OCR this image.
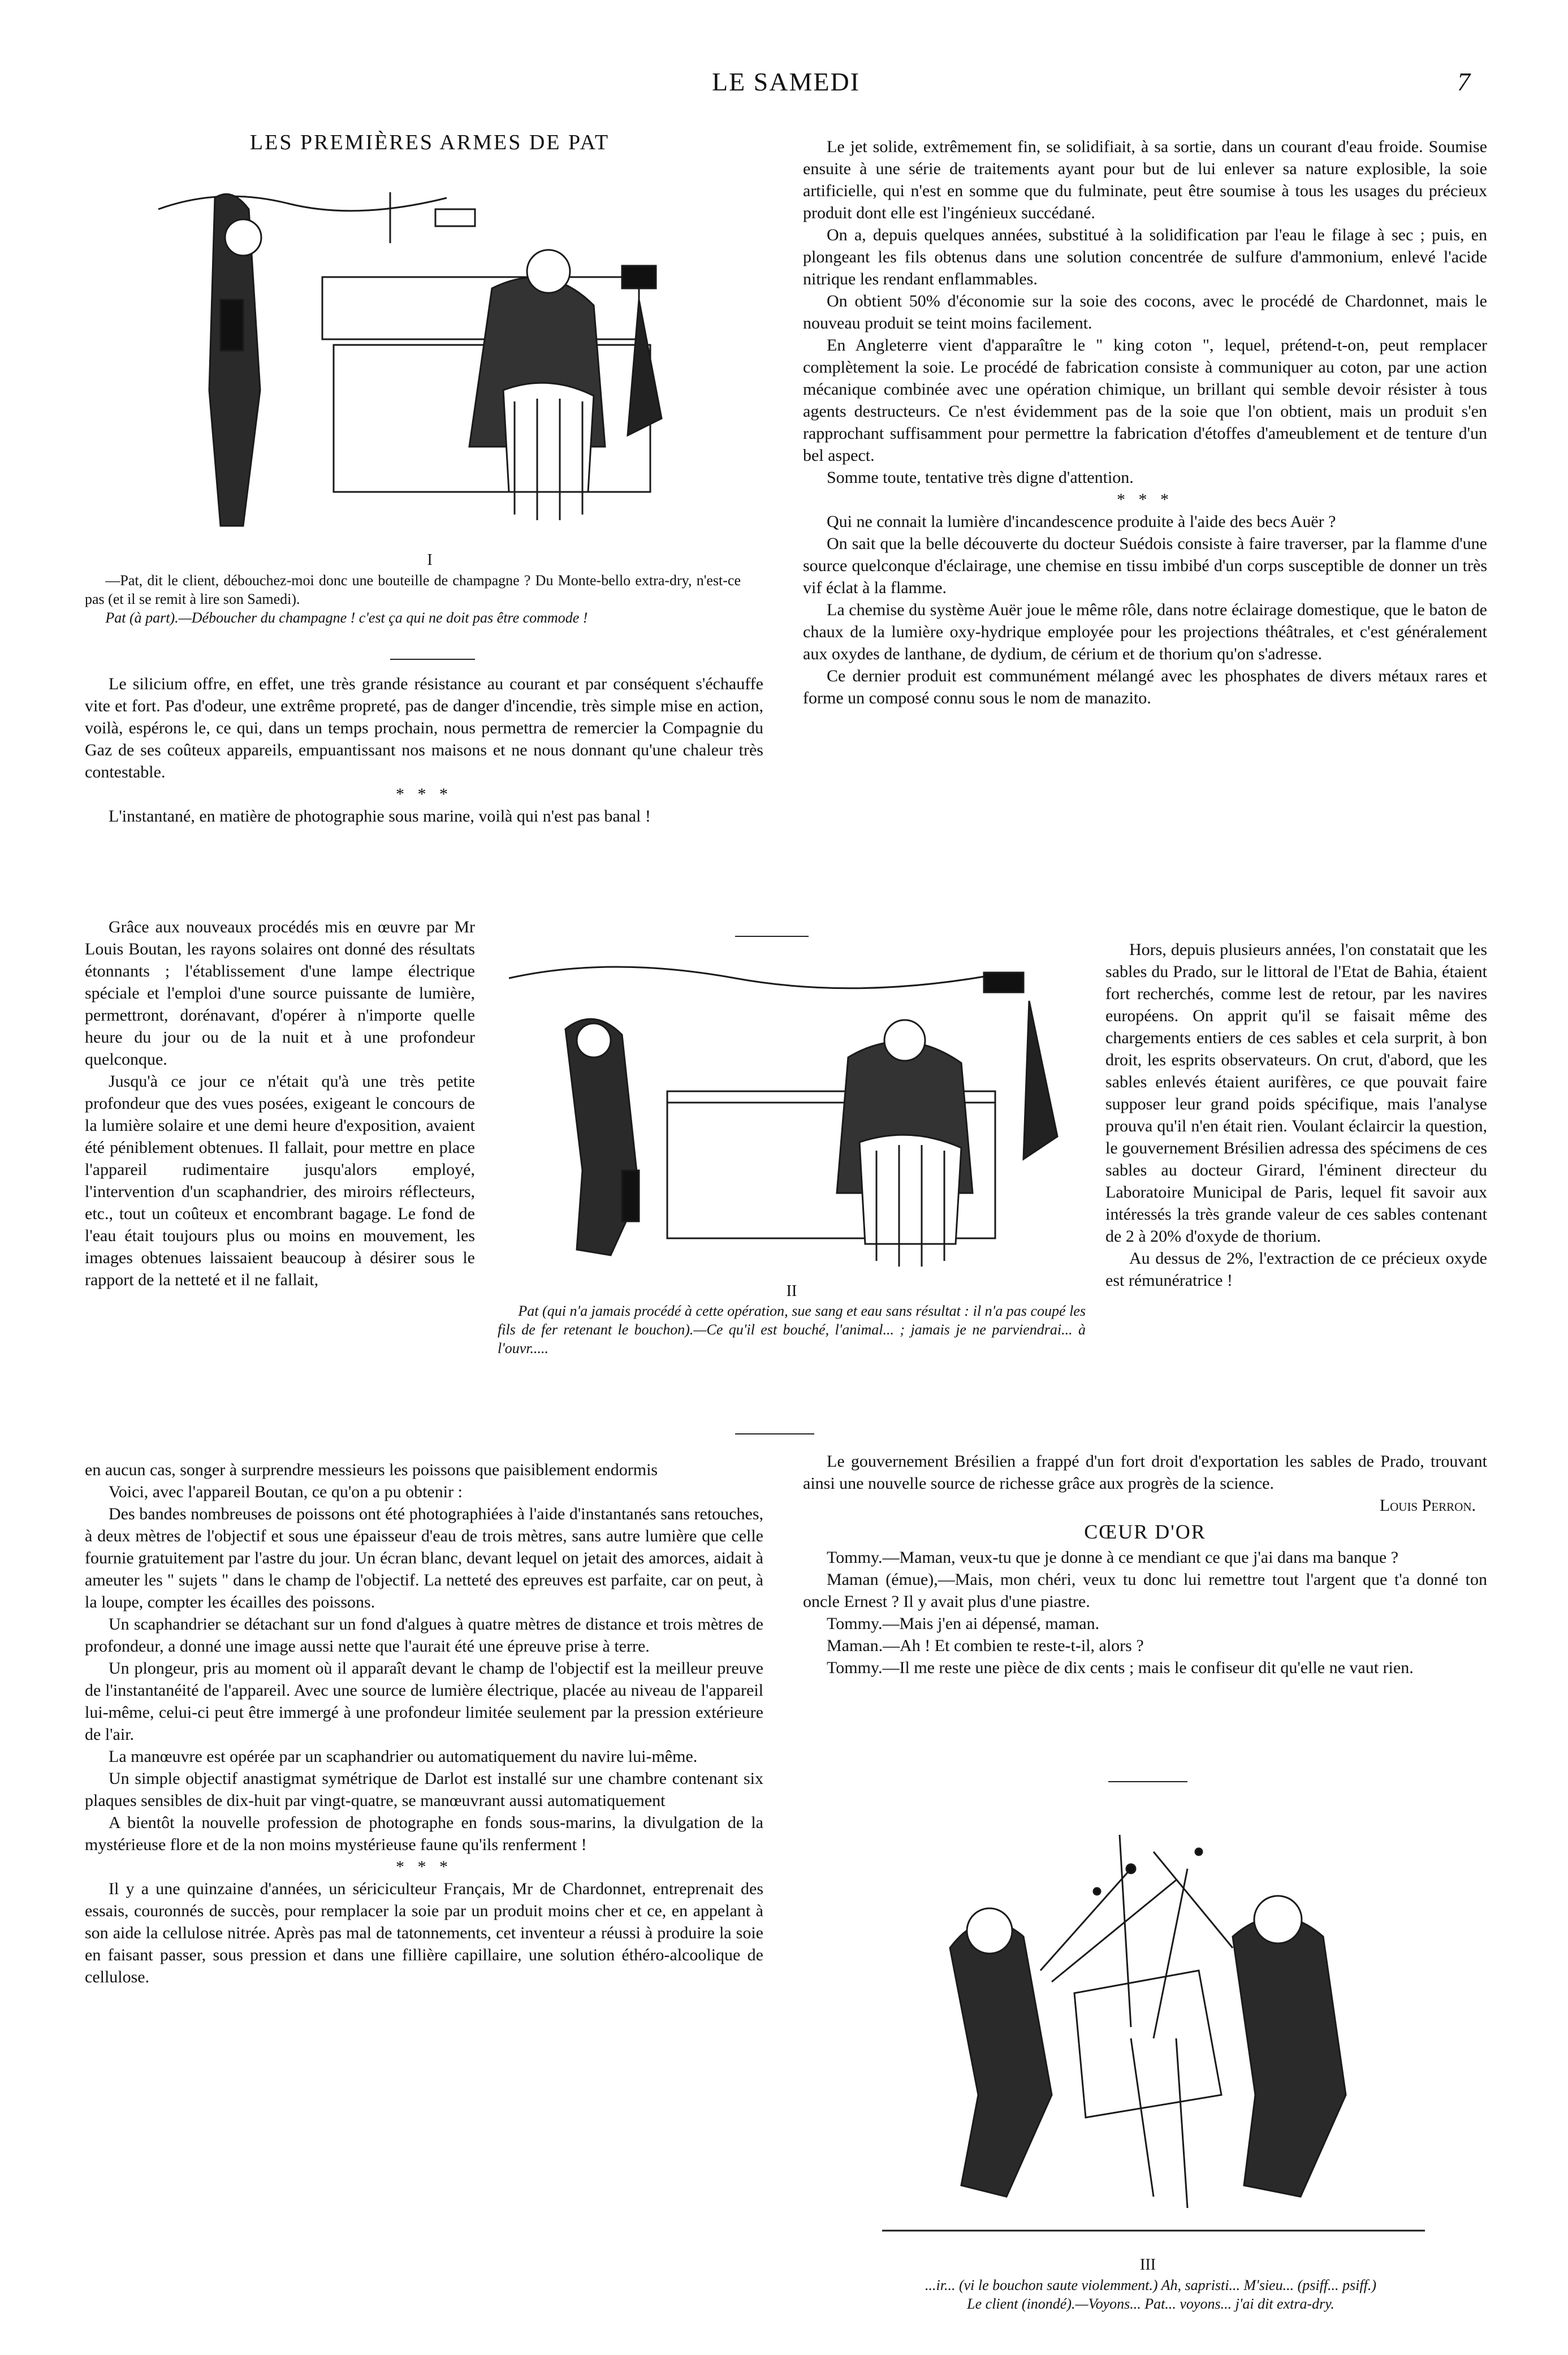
LE SAMEDI	7
LES PREMIÈRES ARMES DE PAT
I

—Pat, dit le client, débouchez-moi donc une bouteille de champagne ? Du Monte-bello extra-dry, n'est-ce pas (et il se remit à lire son Samedi).

Pat (à part).—Déboucher du champagne ! c'est ça qui ne doit pas être commode !

Le silicium offre, en effet, une très grande résistance au courant et par conséquent s'échauffe vite et fort. Pas d'odeur, une extrême propreté, pas de danger d'incendie, très simple mise en action, voilà, espérons le, ce qui, dans un temps prochain, nous permettra de remercier la Compagnie du Gaz de ses coûteux appareils, empuantissant nos maisons et ne nous donnant qu'une chaleur très contestable.

* * *

L'instantané, en matière de photographie sous marine, voilà qui n'est pas banal !

Grâce aux nouveaux procédés mis en œuvre par Mr Louis Boutan, les rayons solaires ont donné des résultats étonnants ; l'établissement d'une lampe électrique spéciale et l'emploi d'une source puissante de lumière, permettront, dorénavant, d'opérer à n'importe quelle heure du jour ou de la nuit et à une profondeur quelconque.

Jusqu'à ce jour ce n'était qu'à une très petite profondeur que des vues posées, exigeant le concours de la lumière solaire et une demi heure d'exposition, avaient été péniblement obtenues. Il fallait, pour mettre en place l'appareil rudimentaire jusqu'alors employé, l'intervention d'un scaphandrier, des miroirs réflecteurs, etc., tout un coûteux et encombrant bagage. Le fond de l'eau était toujours plus ou moins en mouvement, les images obtenues laissaient beaucoup à désirer sous le rapport de la netteté et il ne fallait,

en aucun cas, songer à surprendre messieurs les poissons que paisiblement endormis

Voici, avec l'appareil Boutan, ce qu'on a pu obtenir :

Des bandes nombreuses de poissons ont été photographiées à l'aide d'instantanés sans retouches, à deux mètres de l'objectif et sous une épaisseur d'eau de trois mètres, sans autre lumière que celle fournie gratuitement par l'astre du jour. Un écran blanc, devant lequel on jetait des amorces, aidait à ameuter les " sujets " dans le champ de l'objectif. La netteté des epreuves est parfaite, car on peut, à la loupe, compter les écailles des poissons.

Un scaphandrier se détachant sur un fond d'algues à quatre mètres de distance et trois mètres de profondeur, a donné une image aussi nette que l'aurait été une épreuve prise à terre.

Un plongeur, pris au moment où il apparaît devant le champ de l'objectif est la meilleur preuve de l'instantanéité de l'appareil. Avec une source de lumière électrique, placée au niveau de l'appareil lui-même, celui-ci peut être immergé à une profondeur limitée seulement par la pression extérieure de l'air.

La manœuvre est opérée par un scaphandrier ou automatiquement du navire lui-même.

Un simple objectif anastigmat symétrique de Darlot est installé sur une chambre contenant six plaques sensibles de dix-huit par vingt-quatre, se manœuvrant aussi automatiquement

A bientôt la nouvelle profession de photographe en fonds sous-marins, la divulgation de la mystérieuse flore et de la non moins mystérieuse faune qu'ils renferment !

* * *

Il y a une quinzaine d'années, un sériciculteur Français, Mr de Chardonnet, entreprenait des essais, couronnés de succès, pour remplacer la soie par un produit moins cher et ce, en appelant à son aide la cellulose nitrée. Après pas mal de tatonnements, cet inventeur a réussi à produire la soie en faisant passer, sous pression et dans une fillière capillaire, une solution éthéro-alcoolique de cellulose.

II
Pat (qui n'a jamais procédé à cette opération, sue sang et eau sans résultat : il n'a pas coupé les fils de fer retenant le bouchon).—Ce qu'il est bouché, l'animal... ; jamais je ne parviendrai... à l'ouvr.....

Le jet solide, extrêmement fin, se solidifiait, à sa sortie, dans un courant d'eau froide. Soumise ensuite à une série de traitements ayant pour but de lui enlever sa nature explosible, la soie artificielle, qui n'est en somme que du fulminate, peut être soumise à tous les usages du précieux produit dont elle est l'ingénieux succédané.

On a, depuis quelques années, substitué à la solidification par l'eau le filage à sec ; puis, en plongeant les fils obtenus dans une solution concentrée de sulfure d'ammonium, enlevé l'acide nitrique les rendant enflammables.

On obtient 50% d'économie sur la soie des cocons, avec le procédé de Chardonnet, mais le nouveau produit se teint moins facilement.

En Angleterre vient d'apparaître le " king coton ", lequel, prétend-t-on, peut remplacer complètement la soie. Le procédé de fabrication consiste à communiquer au coton, par une action mécanique combinée avec une opération chimique, un brillant qui semble devoir résister à tous agents destructeurs. Ce n'est évidemment pas de la soie que l'on obtient, mais un produit s'en rapprochant suffisamment pour permettre la fabrication d'étoffes d'ameublement et de tenture d'un bel aspect.

Somme toute, tentative très digne d'attention.

* * *

Qui ne connait la lumière d'incandescence produite à l'aide des becs Auër ?

On sait que la belle découverte du docteur Suédois consiste à faire traverser, par la flamme d'une source quelconque d'éclairage, une chemise en tissu imbibé d'un corps susceptible de donner un très vif éclat à la flamme.

La chemise du système Auër joue le même rôle, dans notre éclairage domestique, que le baton de chaux de la lumière oxy-hydrique employée pour les projections théâtrales, et c'est généralement aux oxydes de lanthane, de dydium, de cérium et de thorium qu'on s'adresse.

Ce dernier produit est communément mélangé avec les phosphates de divers métaux rares et forme un composé connu sous le nom de manazito.

Hors, depuis plusieurs années, l'on constatait que les sables du Prado, sur le littoral de l'Etat de Bahia, étaient fort recherchés, comme lest de retour, par les navires européens. On apprit qu'il se faisait même des chargements entiers de ces sables et cela surprit, à bon droit, les esprits observateurs. On crut, d'abord, que les sables enlevés étaient aurifères, ce que pouvait faire supposer leur grand poids spécifique, mais l'analyse prouva qu'il n'en était rien. Voulant éclaircir la question, le gouvernement Brésilien adressa des spécimens de ces sables au docteur Girard, l'éminent directeur du Laboratoire Municipal de Paris, lequel fit savoir aux intéressés la très grande valeur de ces sables contenant de 2 à 20% d'oxyde de thorium.

Au dessus de 2%, l'extraction de ce précieux oxyde est rémunératrice !

Le gouvernement Brésilien a frappé d'un fort droit d'exportation les sables de Prado, trouvant ainsi une nouvelle source de richesse grâce aux progrès de la science.

Louis Perron.
CŒUR D'OR

Tommy.—Maman, veux-tu que je donne à ce mendiant ce que j'ai dans ma banque ?

Maman (émue),—Mais, mon chéri, veux tu donc lui remettre tout l'argent que t'a donné ton oncle Ernest ? Il y avait plus d'une piastre.

Tommy.—Mais j'en ai dépensé, maman.

Maman.—Ah ! Et combien te reste-t-il, alors ?

Tommy.—Il me reste une pièce de dix cents ; mais le confiseur dit qu'elle ne vaut rien.

III
...ir... (vi le bouchon saute violemment.) Ah, sapristi... M'sieu... (psiff... psiff.)
Le client (inondé).—Voyons... Pat... voyons... j'ai dit extra-dry.
